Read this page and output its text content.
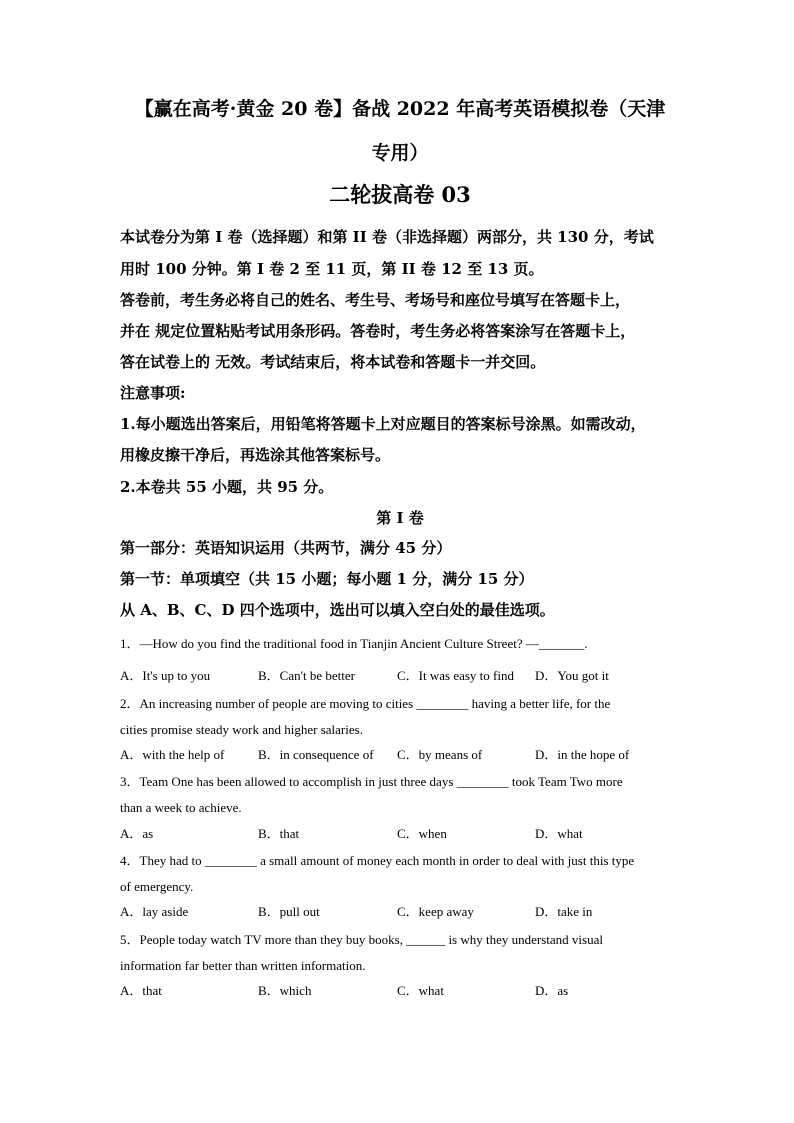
【赢在高考·黄金 20 卷】备战 2022 年高考英语模拟卷（天津
专用）
二轮拔高卷 03
本试卷分为第 I 卷（选择题）和第 II 卷（非选择题）两部分，共 130 分，考试
用时 100 分钟。第 I 卷 2 至 11 页，第 II 卷 12 至 13 页。
答卷前，考生务必将自己的姓名、考生号、考场号和座位号填写在答题卡上，
并在 规定位置粘贴考试用条形码。答卷时，考生务必将答案涂写在答题卡上，
答在试卷上的 无效。考试结束后，将本试卷和答题卡一并交回。
注意事项:
1.每小题选出答案后，用铅笔将答题卡上对应题目的答案标号涂黑。如需改动，
用橡皮擦干净后，再选涂其他答案标号。
2.本卷共 55 小题，共 95 分。
第 I 卷
第一部分：英语知识运用（共两节，满分 45 分）
第一节：单项填空（共 15 小题；每小题 1 分，满分 15 分）
从 A、B、C、D 四个选项中，选出可以填入空白处的最佳选项。
1．—How do you find the traditional food in Tianjin Ancient Culture Street? —_______.
A．It's up to you	B．Can't be better	C．It was easy to find D．You got it
2．An increasing number of people are moving to cities ________ having a better life, for the
cities promise steady work and higher salaries.
A．with the help of	B．in consequence of C．by means of	D．in the hope of
3．Team One has been allowed to accomplish in just three days ________ took Team Two more
than a week to achieve.
A．as	B．that	C．when	D．what
4．They had to ________ a small amount of money each month in order to deal with just this type
of emergency.
A．lay aside	B．pull out	C．keep away	D．take in
5．People today watch TV more than they buy books, ______ is why they understand visual
information far better than written information.
A．that	B．which	C．what	D．as
